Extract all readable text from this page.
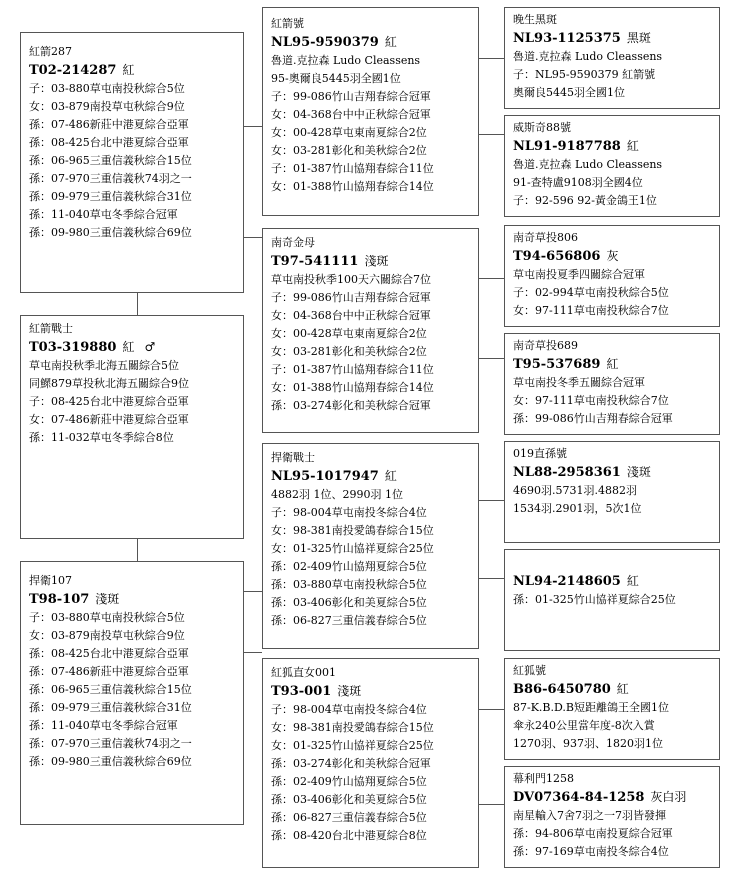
紅箭287
T02-214287 紅
子：03-880草屯南投秋綜合5位
女：03-879南投草屯秋綜合9位
孫：07-486新莊中港夏綜合亞軍
孫：08-425台北中港夏綜合亞軍
孫：06-965三重信義秋綜合15位
孫：07-970三重信義秋74羽之一
孫：09-979三重信義秋綜合31位
孫：11-040草屯冬季綜合冠軍
孫：09-980三重信義秋綜合69位
紅箭戰士
T03-319880 紅 ♂
草屯南投秋季北海五關綜合5位
同鰥879草投秋北海五關綜合9位
子：08-425台北中港夏綜合亞軍
女：07-486新莊中港夏綜合亞軍
孫：11-032草屯冬季綜合8位
捍衛107
T98-107 淺斑
子：03-880草屯南投秋綜合5位
女：03-879南投草屯秋綜合9位
孫：08-425台北中港夏綜合亞軍
孫：07-486新莊中港夏綜合亞軍
孫：06-965三重信義秋綜合15位
孫：09-979三重信義秋綜合31位
孫：11-040草屯冬季綜合冠軍
孫：07-970三重信義秋74羽之一
孫：09-980三重信義秋綜合69位
紅箭號
NL95-9590379 紅
魯道.克拉森 Ludo Cleassens
95-奧爾良5445羽全國1位
子：99-086竹山吉翔春綜合冠軍
女：04-368台中中正秋綜合冠軍
女：00-428草屯東南夏綜合2位
女：03-281彰化和美秋綜合2位
子：01-387竹山協翔春綜合11位
女：01-388竹山協翔春綜合14位
南奇金母
T97-541111 淺斑
草屯南投秋季100天六關綜合7位
子：99-086竹山吉翔春綜合冠軍
女：04-368台中中正秋綜合冠軍
女：00-428草屯東南夏綜合2位
女：03-281彰化和美秋綜合2位
子：01-387竹山協翔春綜合11位
女：01-388竹山協翔春綜合14位
孫：03-274彰化和美秋綜合冠軍
捍衛戰士
NL95-1017947 紅
4882羽 1位、2990羽 1位
子：98-004草屯南投冬綜合4位
女：98-381南投愛鴿春綜合15位
女：01-325竹山協祥夏綜合25位
孫：02-409竹山協翔夏綜合5位
孫：03-880草屯南投秋綜合5位
孫：03-406彰化和美夏綜合5位
孫：06-827三重信義春綜合5位
紅狐直女001
T93-001 淺斑
子：98-004草屯南投冬綜合4位
女：98-381南投愛鴿春綜合15位
女：01-325竹山協祥夏綜合25位
孫：03-274彰化和美秋綜合冠軍
孫：02-409竹山協翔夏綜合5位
孫：03-406彰化和美夏綜合5位
孫：06-827三重信義春綜合5位
孫：08-420台北中港夏綜合8位
晚生黑斑
NL93-1125375 黑斑
魯道.克拉森 Ludo Cleassens
子：NL95-9590379 紅箭號
奧爾良5445羽全國1位
威斯奇88號
NL91-9187788 紅
魯道.克拉森 Ludo Cleassens
91-查特盧9108羽全國4位
子：92-596 92-黃金鴿王1位
南奇草投806
T94-656806 灰
草屯南投夏季四關綜合冠軍
子：02-994草屯南投秋綜合5位
女：97-111草屯南投秋綜合7位
南奇草投689
T95-537689 紅
草屯南投冬季五關綜合冠軍
女：97-111草屯南投秋綜合7位
孫：99-086竹山吉翔春綜合冠軍
019直孫號
NL88-2958361 淺斑
4690羽.5731羽.4882羽
1534羽.2901羽，5次1位
NL94-2148605 紅
孫：01-325竹山協祥夏綜合25位
紅狐號
B86-6450780 紅
87-K.B.D.B短距離鴿王全國1位
傘永240公里當年度-8次入賞
1270羽、937羽、1820羽1位
幕利門1258
DV07364-84-1258 灰白羽
南星輸入7舍7羽之一7羽皆發揮
孫：94-806草屯南投夏綜合冠軍
孫：97-169草屯南投冬綜合4位
